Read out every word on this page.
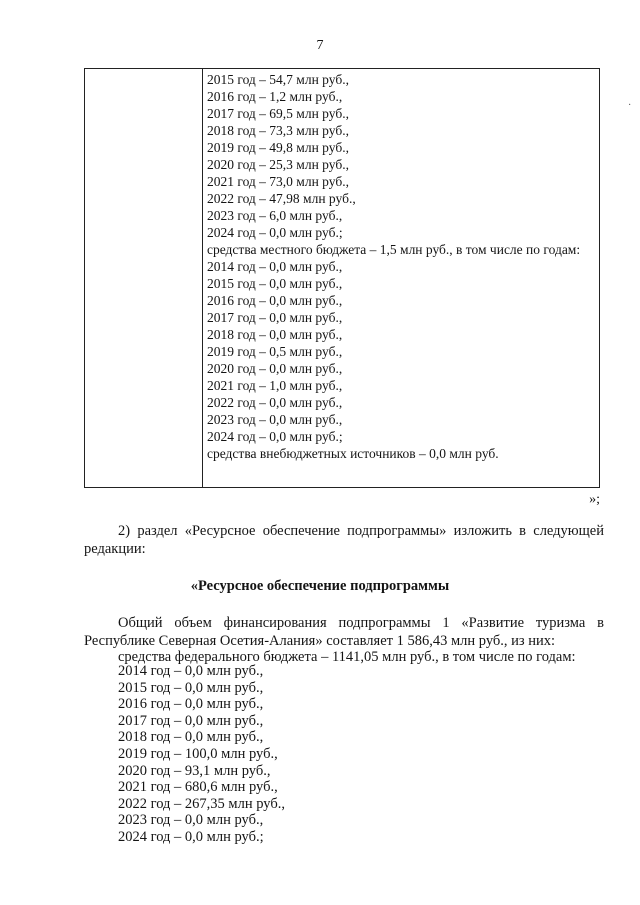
7
·
2015 год – 54,7 млн руб.,
2016 год – 1,2 млн руб.,
2017 год – 69,5 млн руб.,
2018 год – 73,3 млн руб.,
2019 год – 49,8 млн руб.,
2020 год – 25,3 млн руб.,
2021 год – 73,0 млн руб.,
2022 год – 47,98 млн руб.,
2023 год – 6,0 млн руб.,
2024 год – 0,0 млн руб.;
средства местного бюджета – 1,5 млн руб., в том числе по годам:
2014 год – 0,0 млн руб.,
2015 год – 0,0 млн руб.,
2016 год – 0,0 млн руб.,
2017 год – 0,0 млн руб.,
2018 год – 0,0 млн руб.,
2019 год – 0,5 млн руб.,
2020 год – 0,0 млн руб.,
2021 год – 1,0 млн руб.,
2022 год – 0,0 млн руб.,
2023 год – 0,0 млн руб.,
2024 год – 0,0 млн руб.;
средства внебюджетных источников – 0,0 млн руб.
»;
2) раздел «Ресурсное обеспечение подпрограммы» изложить в следующей редакции:
«Ресурсное обеспечение подпрограммы
Общий объем финансирования подпрограммы 1 «Развитие туризма в Республике Северная Осетия-Алания» составляет 1 586,43 млн руб., из них:
средства федерального бюджета – 1141,05 млн руб., в том числе по годам:
2014 год – 0,0 млн руб.,
2015 год – 0,0 млн руб.,
2016 год – 0,0 млн руб.,
2017 год – 0,0 млн руб.,
2018 год – 0,0 млн руб.,
2019 год – 100,0 млн руб.,
2020 год – 93,1 млн руб.,
2021 год – 680,6 млн руб.,
2022 год – 267,35 млн руб.,
2023 год – 0,0 млн руб.,
2024 год – 0,0 млн руб.;
